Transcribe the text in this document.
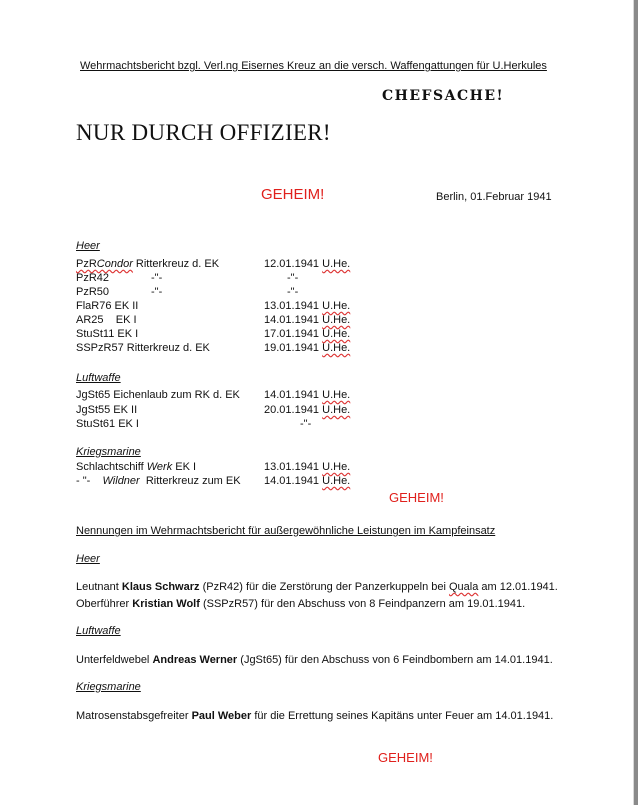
Wehrmachtsbericht bzgl. Verl.ng Eisernes Kreuz an die versch. Waffengattungen für U.Herkules
CHEFSACHE!
NUR DURCH OFFIZIER!
GEHEIM!	Berlin, 01.Februar 1941
Heer
PzRCondor Ritterkreuz d. EK	12.01.1941 U.He.
PzR42	-"-	-"-
PzR50	-"-	-"-
FlaR76 EK II	13.01.1941 U.He.
AR25    EK I	14.01.1941 U.He.
StuSt11 EK I	17.01.1941 U.He.
SSPzR57 Ritterkreuz d. EK	19.01.1941 U.He.
Luftwaffe
JgSt65 Eichenlaub zum RK d. EK 14.01.1941 U.He.
JgSt55 EK II	20.01.1941 U.He.
StuSt61 EK I	-"-
Kriegsmarine
Schlachtschiff Werk EK I	13.01.1941 U.He.
- "-    Wildner  Ritterkreuz zum EK 14.01.1941 U.He.
GEHEIM!
Nennungen im Wehrmachtsbericht für außergewöhnliche Leistungen im Kampfeinsatz
Heer
Leutnant Klaus Schwarz (PzR42) für die Zerstörung der Panzerkuppeln bei Quala am 12.01.1941.
Oberführer Kristian Wolf (SSPzR57) für den Abschuss von 8 Feindpanzern am 19.01.1941.
Luftwaffe
Unterfeldwebel Andreas Werner (JgSt65) für den Abschuss von 6 Feindbombern am 14.01.1941.
Kriegsmarine
Matrosenstabsgefreiter Paul Weber für die Errettung seines Kapitäns unter Feuer am 14.01.1941.
GEHEIM!
